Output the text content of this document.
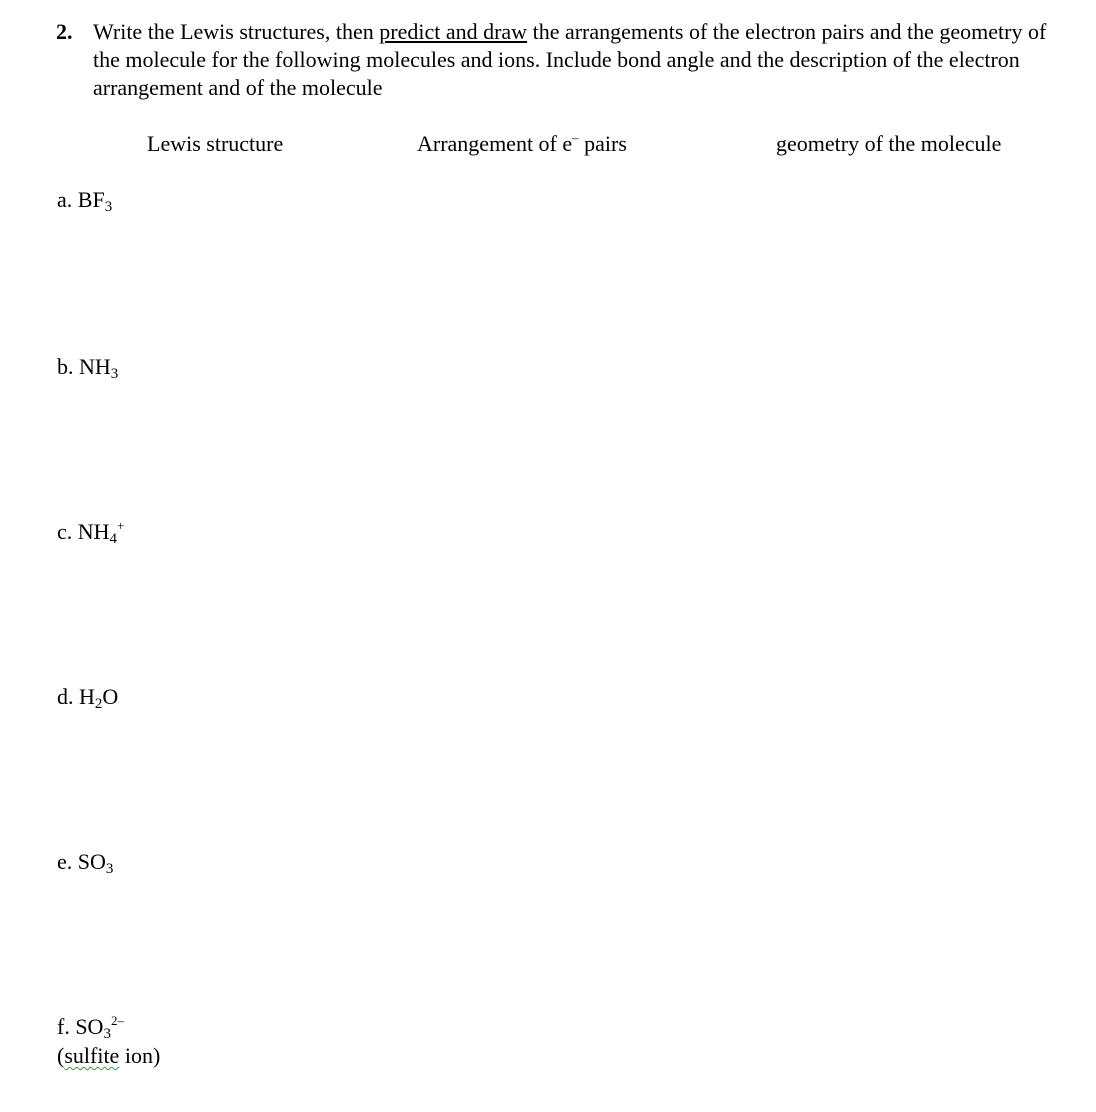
2. Write the Lewis structures, then predict and draw the arrangements of the electron pairs and the geometry of the molecule for the following molecules and ions. Include bond angle and the description of the electron arrangement and of the molecule
Lewis structure	Arrangement of e– pairs	geometry of the molecule
a. $BF_3$
b. $NH_3$
c. $NH_4^+$
d. $H_2O$
e. $SO_3$
f. $SO_3^{2-}$
(sulfite ion)
